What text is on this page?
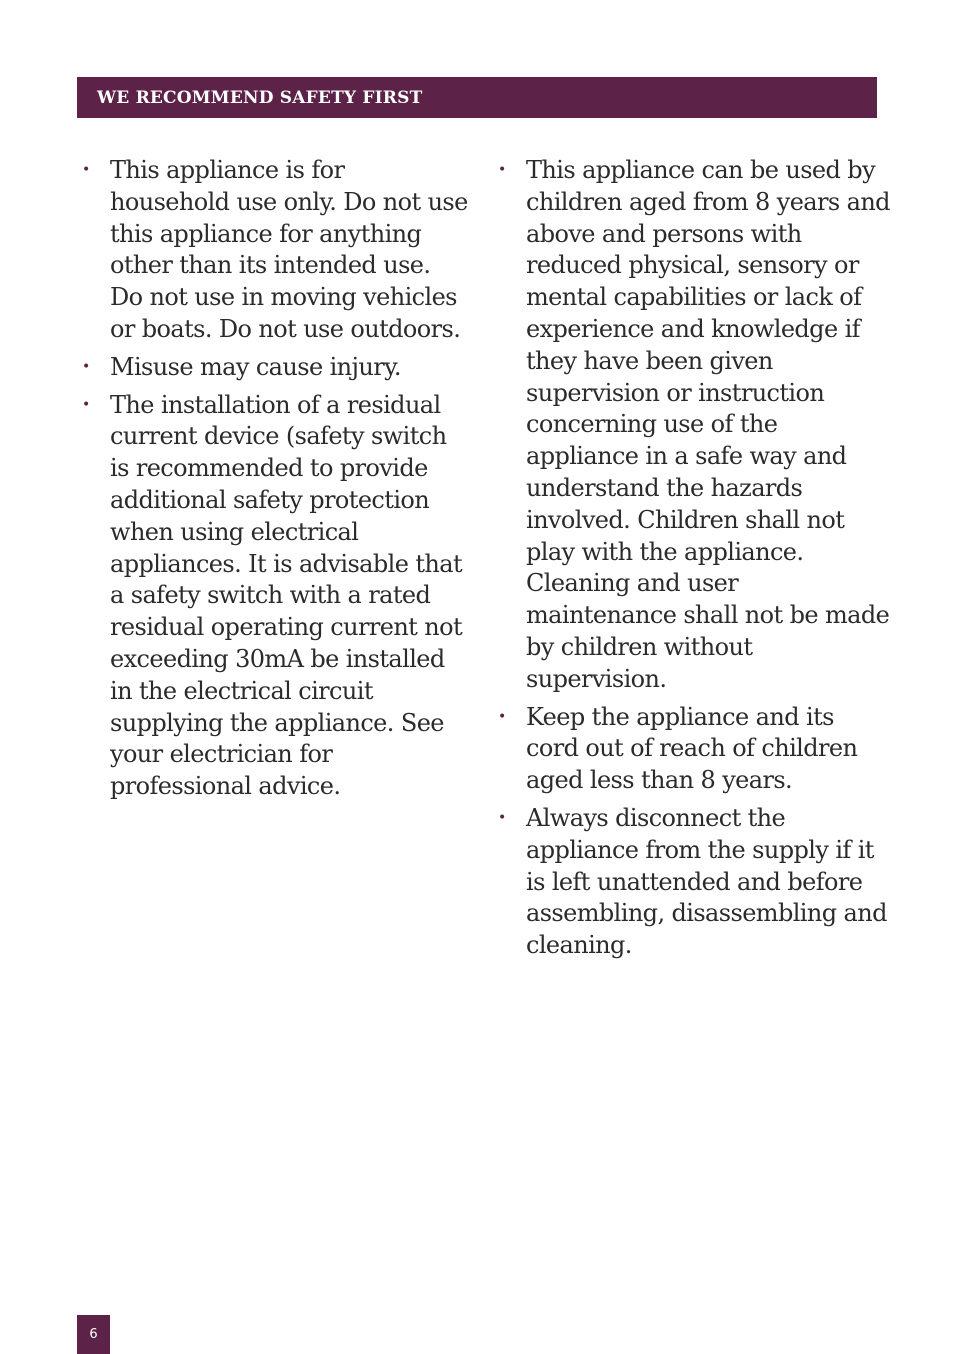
WE RECOMMEND SAFETY FIRST
• This appliance is for household use only. Do not use this appliance for anything other than its intended use. Do not use in moving vehicles or boats. Do not use outdoors.
• Misuse may cause injury.
• The installation of a residual current device (safety switch is recommended to provide additional safety protection when using electrical appliances. It is advisable that a safety switch with a rated residual operating current not exceeding 30mA be installed in the electrical circuit supplying the appliance. See your electrician for professional advice.
• This appliance can be used by children aged from 8 years and above and persons with reduced physical, sensory or mental capabilities or lack of experience and knowledge if they have been given supervision or instruction concerning use of the appliance in a safe way and understand the hazards involved. Children shall not play with the appliance. Cleaning and user maintenance shall not be made by children without supervision.
• Keep the appliance and its cord out of reach of children aged less than 8 years.
• Always disconnect the appliance from the supply if it is left unattended and before assembling, disassembling and cleaning.
6
